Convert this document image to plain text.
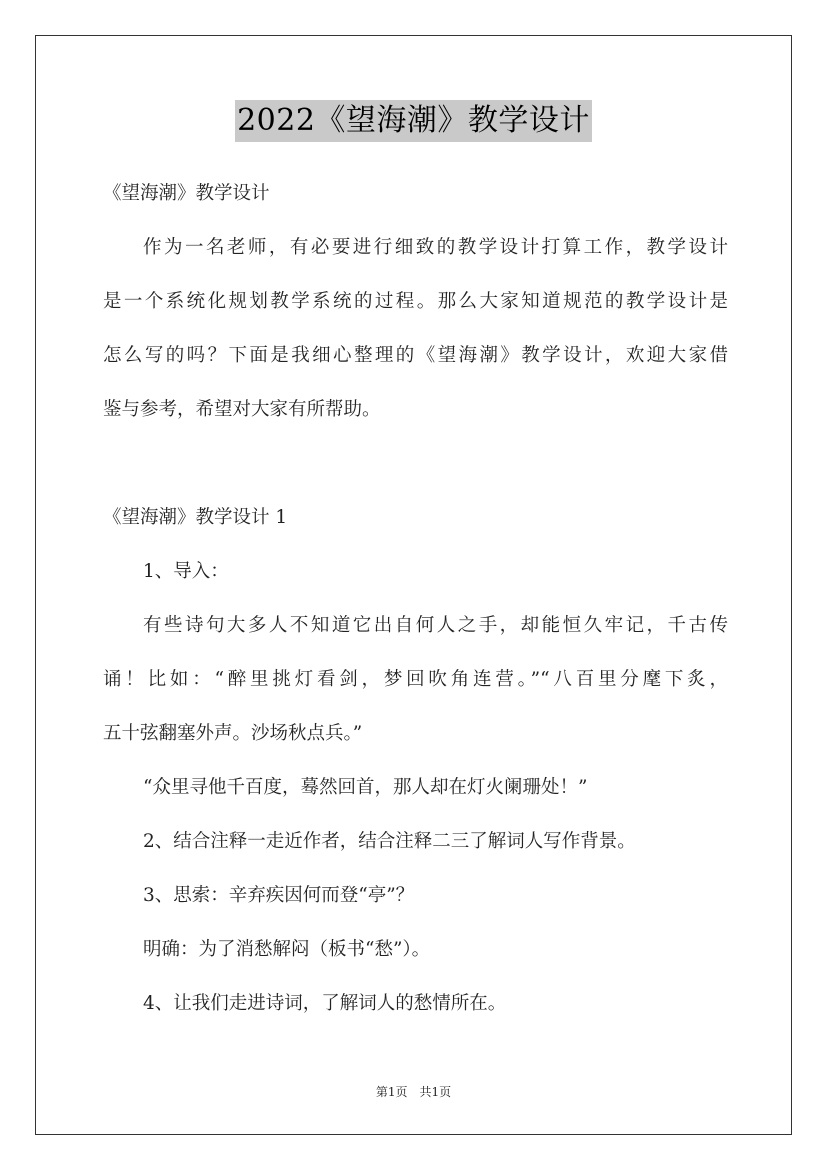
2022《望海潮》教学设计
《望海潮》教学设计
作为一名老师，有必要进行细致的教学设计打算工作，教学设计
是一个系统化规划教学系统的过程。那么大家知道规范的教学设计是
怎么写的吗？下面是我细心整理的《望海潮》教学设计，欢迎大家借
鉴与参考，希望对大家有所帮助。
《望海潮》教学设计 1
1、导入：
有些诗句大多人不知道它出自何人之手，却能恒久牢记，千古传
诵！比如：“醉里挑灯看剑，梦回吹角连营。”“八百里分麾下炙，
五十弦翻塞外声。沙场秋点兵。”
“众里寻他千百度，蓦然回首，那人却在灯火阑珊处！”
2、结合注释一走近作者，结合注释二三了解词人写作背景。
3、思索：辛弃疾因何而登“亭”？
明确：为了消愁解闷（板书“愁”）。
4、让我们走进诗词，了解词人的愁情所在。
第1页　共1页
